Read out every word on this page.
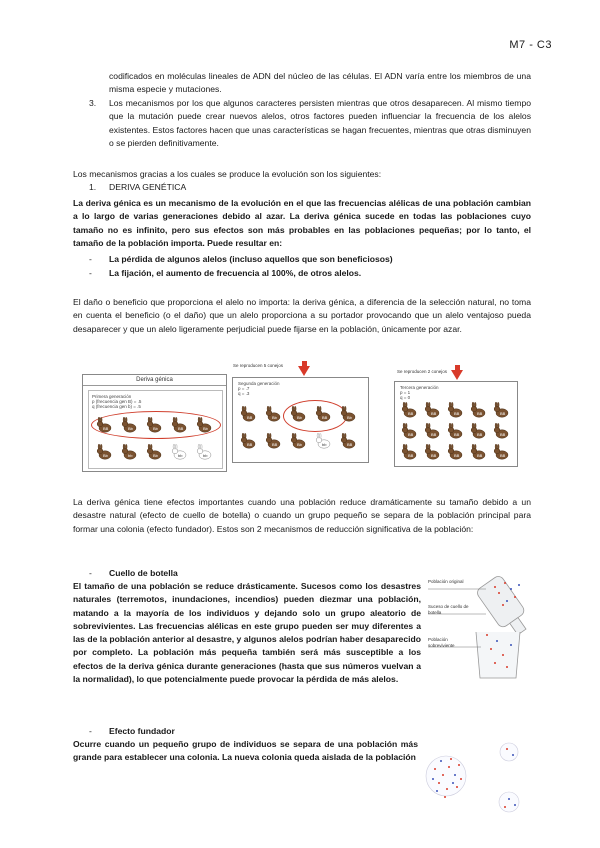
M7 - C3
codificados en moléculas lineales de ADN del núcleo de las células. El ADN varía entre los miembros de una misma especie y mutaciones.
3. Los mecanismos por los que algunos caracteres persisten mientras que otros desaparecen. Al mismo tiempo que la mutación puede crear nuevos alelos, otros factores pueden influenciar la frecuencia de los alelos existentes. Estos factores hacen que unas características se hagan frecuentes, mientras que otras disminuyen o se pierden definitivamente.
Los mecanismos gracias a los cuales se produce la evolución son los siguientes:
1. DERIVA GENÉTICA
La deriva génica es un mecanismo de la evolución en el que las frecuencias alélicas de una población cambian a lo largo de varias generaciones debido al azar. La deriva génica sucede en todas las poblaciones cuyo tamaño no es infinito, pero sus efectos son más probables en las poblaciones pequeñas; por lo tanto, el tamaño de la población importa. Puede resultar en:
- La pérdida de algunos alelos (incluso aquellos que son beneficiosos)
- La fijación, el aumento de frecuencia al 100%, de otros alelos.
El daño o beneficio que proporciona el alelo no importa: la deriva génica, a diferencia de la selección natural, no toma en cuenta el beneficio (o el daño) que un alelo proporciona a su portador provocando que un alelo ventajoso pueda desaparecer y que un alelo ligeramente perjudicial puede fijarse en la población, únicamente por azar.
Deriva génica
Primera generación
p (frecuencia gen B) = .5
q (frecuencia gen b) = .5
BB	Bb	Bb	BB	Bb
Bb	bb	Bb	bb	bb
Se reproducen 5 conejos
Segunda generación
p = .7
q = .3
BB	Bb	Bb	BB	Bb
BB	BB	Bb	bb	BB
Se reproducen 2 conejos
Tercera generación
p = 1
q = 0
BB	BB	BB	BB	BB
BB	BB	BB	BB	BB
BB	BB	BB	BB	BB
La deriva génica tiene efectos importantes cuando una población reduce dramáticamente su tamaño debido a un desastre natural (efecto de cuello de botella) o cuando un grupo pequeño se separa de la población principal para formar una colonia (efecto fundador). Estos son 2 mecanismos de reducción significativa de la población:
- Cuello de botella
El tamaño de una población se reduce drásticamente. Sucesos como los desastres naturales (terremotos, inundaciones, incendios) pueden diezmar una población, matando a la mayoría de los individuos y dejando solo un grupo aleatorio de sobrevivientes. Las frecuencias alélicas en este grupo pueden ser muy diferentes a las de la población anterior al desastre, y algunos alelos podrían haber desaparecido por completo. La población más pequeña también será más susceptible a los efectos de la deriva génica durante generaciones (hasta que sus números vuelvan a la normalidad), lo que potencialmente puede provocar la pérdida de más alelos.
Población original
Suceso de cuello de botella
Población sobreviviente
- Efecto fundador
Ocurre cuando un pequeño grupo de individuos se separa de una población más grande para establecer una colonia. La nueva colonia queda aislada de la población
